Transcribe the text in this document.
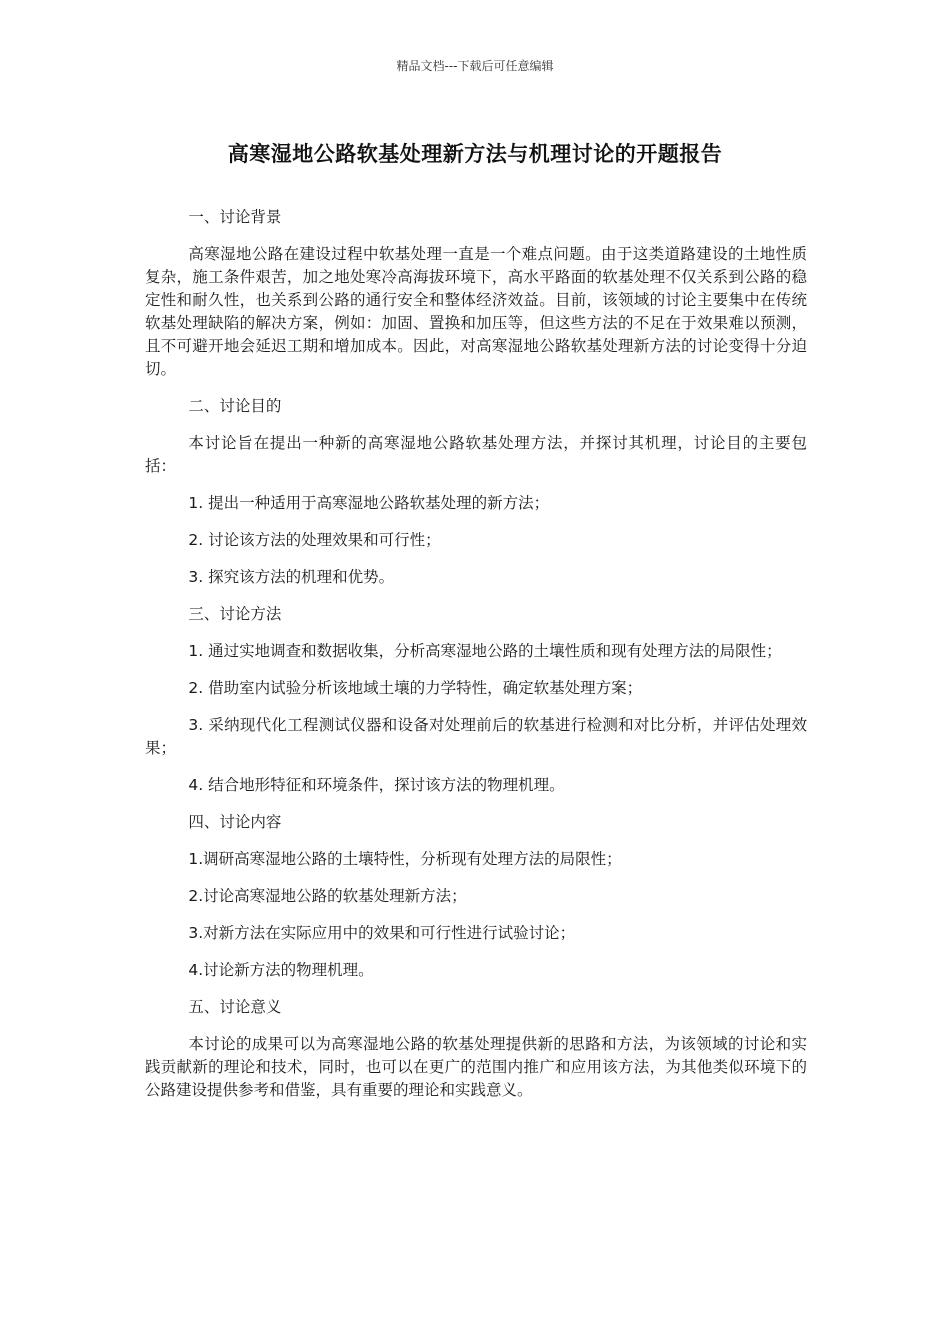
精品文档---下载后可任意编辑
高寒湿地公路软基处理新方法与机理讨论的开题报告

一、讨论背景

高寒湿地公路在建设过程中软基处理一直是一个难点问题。由于这类道路建设的土地性质复杂，施工条件艰苦，加之地处寒冷高海拔环境下，高水平路面的软基处理不仅关系到公路的稳定性和耐久性，也关系到公路的通行安全和整体经济效益。目前，该领域的讨论主要集中在传统软基处理缺陷的解决方案，例如：加固、置换和加压等，但这些方法的不足在于效果难以预测，且不可避开地会延迟工期和增加成本。因此，对高寒湿地公路软基处理新方法的讨论变得十分迫切。

二、讨论目的

本讨论旨在提出一种新的高寒湿地公路软基处理方法，并探讨其机理，讨论目的主要包括：

1. 提出一种适用于高寒湿地公路软基处理的新方法；

2. 讨论该方法的处理效果和可行性；

3. 探究该方法的机理和优势。

三、讨论方法

1. 通过实地调查和数据收集，分析高寒湿地公路的土壤性质和现有处理方法的局限性；

2. 借助室内试验分析该地域土壤的力学特性，确定软基处理方案；

3. 采纳现代化工程测试仪器和设备对处理前后的软基进行检测和对比分析，并评估处理效果；

4. 结合地形特征和环境条件，探讨该方法的物理机理。

四、讨论内容

1.调研高寒湿地公路的土壤特性，分析现有处理方法的局限性；

2.讨论高寒湿地公路的软基处理新方法；

3.对新方法在实际应用中的效果和可行性进行试验讨论；

4.讨论新方法的物理机理。

五、讨论意义

本讨论的成果可以为高寒湿地公路的软基处理提供新的思路和方法，为该领域的讨论和实践贡献新的理论和技术，同时，也可以在更广的范围内推广和应用该方法，为其他类似环境下的公路建设提供参考和借鉴，具有重要的理论和实践意义。
